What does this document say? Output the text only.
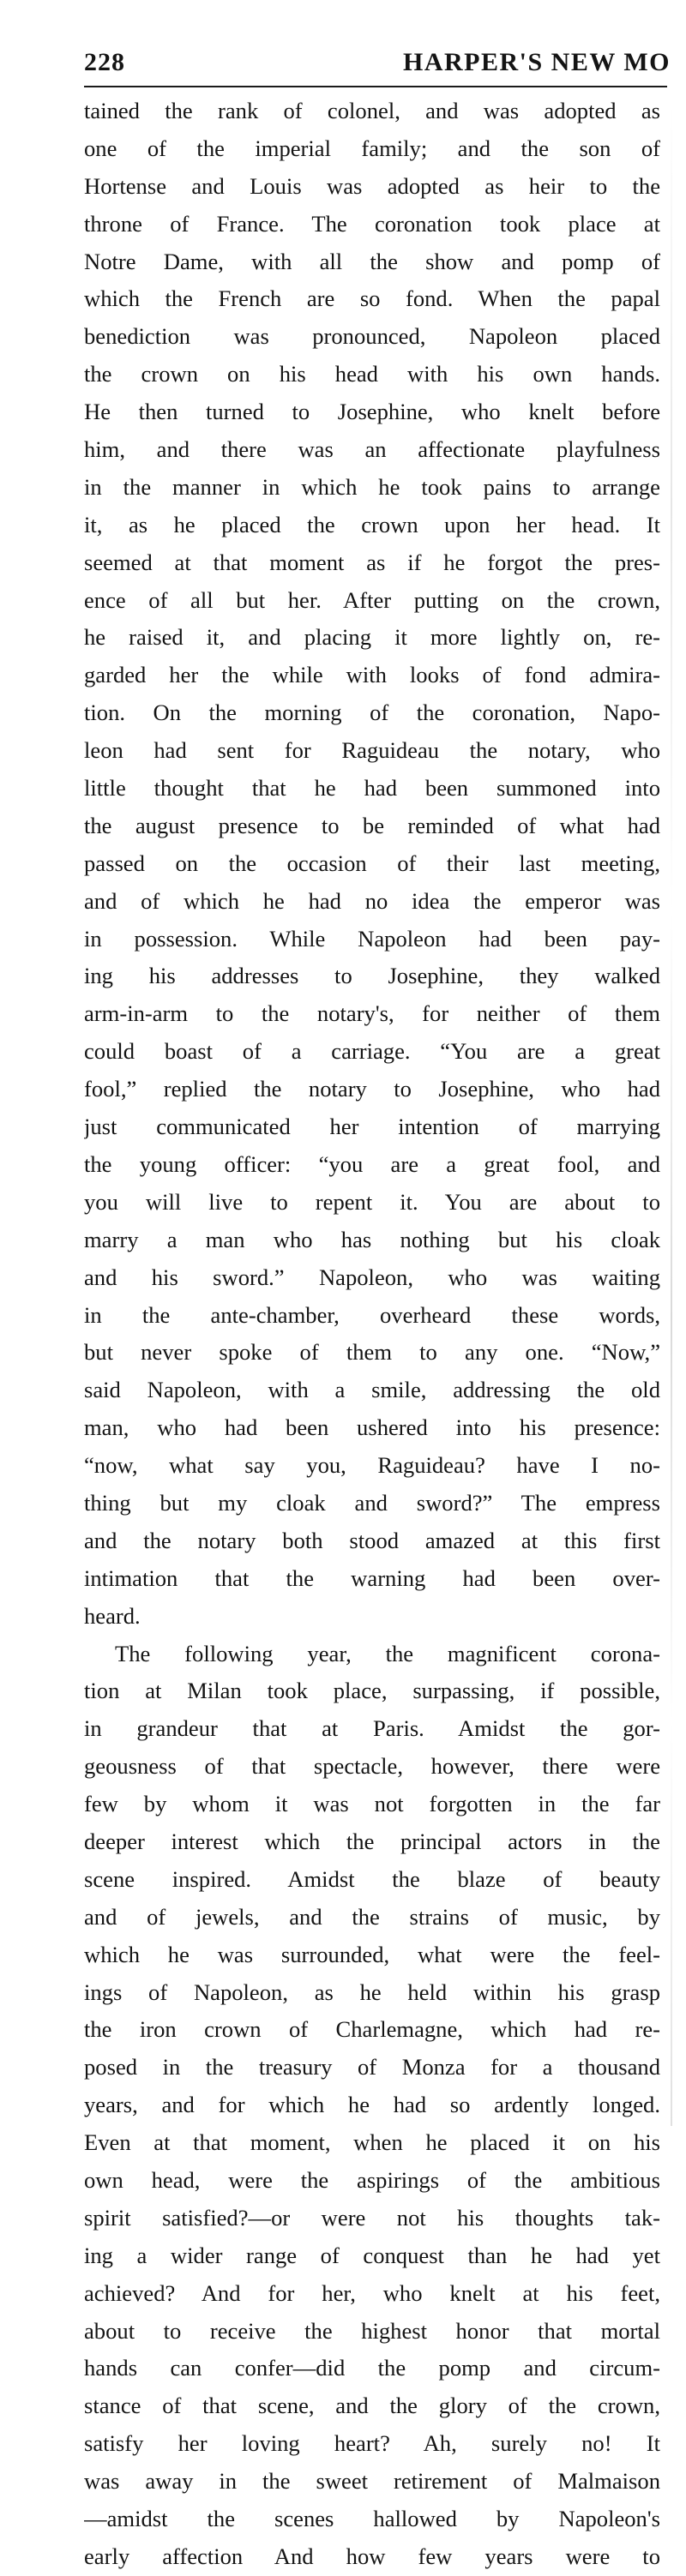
228	HARPER'S NEW MO
tained the rank of colonel, and was adopted as
one of the imperial family; and the son of
Hortense and Louis was adopted as heir to the
throne of France. The coronation took place at
Notre Dame, with all the show and pomp of
which the French are so fond. When the papal
benediction was pronounced, Napoleon placed
the crown on his head with his own hands.
He then turned to Josephine, who knelt before
him, and there was an affectionate playfulness
in the manner in which he took pains to arrange
it, as he placed the crown upon her head. It
seemed at that moment as if he forgot the pres-
ence of all but her. After putting on the crown,
he raised it, and placing it more lightly on, re-
garded her the while with looks of fond admira-
tion. On the morning of the coronation, Napo-
leon had sent for Raguideau the notary, who
little thought that he had been summoned into
the august presence to be reminded of what had
passed on the occasion of their last meeting,
and of which he had no idea the emperor was
in possession. While Napoleon had been pay-
ing his addresses to Josephine, they walked
arm-in-arm to the notary's, for neither of them
could boast of a carriage. “You are a great
fool,” replied the notary to Josephine, who had
just communicated her intention of marrying
the young officer: “you are a great fool, and
you will live to repent it. You are about to
marry a man who has nothing but his cloak
and his sword.” Napoleon, who was waiting
in the ante-chamber, overheard these words,
but never spoke of them to any one. “Now,”
said Napoleon, with a smile, addressing the old
man, who had been ushered into his presence:
“now, what say you, Raguideau? have I no-
thing but my cloak and sword?” The empress
and the notary both stood amazed at this first
intimation that the warning had been over-
heard.
The following year, the magnificent corona-
tion at Milan took place, surpassing, if possible,
in grandeur that at Paris. Amidst the gor-
geousness of that spectacle, however, there were
few by whom it was not forgotten in the far
deeper interest which the principal actors in the
scene inspired. Amidst the blaze of beauty
and of jewels, and the strains of music, by
which he was surrounded, what were the feel-
ings of Napoleon, as he held within his grasp
the iron crown of Charlemagne, which had re-
posed in the treasury of Monza for a thousand
years, and for which he had so ardently longed.
Even at that moment, when he placed it on his
own head, were the aspirings of the ambitious
spirit satisfied?—or were not his thoughts tak-
ing a wider range of conquest than he had yet
achieved? And for her, who knelt at his feet,
about to receive the highest honor that mortal
hands can confer—did the pomp and circum-
stance of that scene, and the glory of the crown,
satisfy her loving heart? Ah, surely no! It
was away in the sweet retirement of Malmaison
—amidst the scenes hallowed by Napoleon's
early affection And how few years were to
